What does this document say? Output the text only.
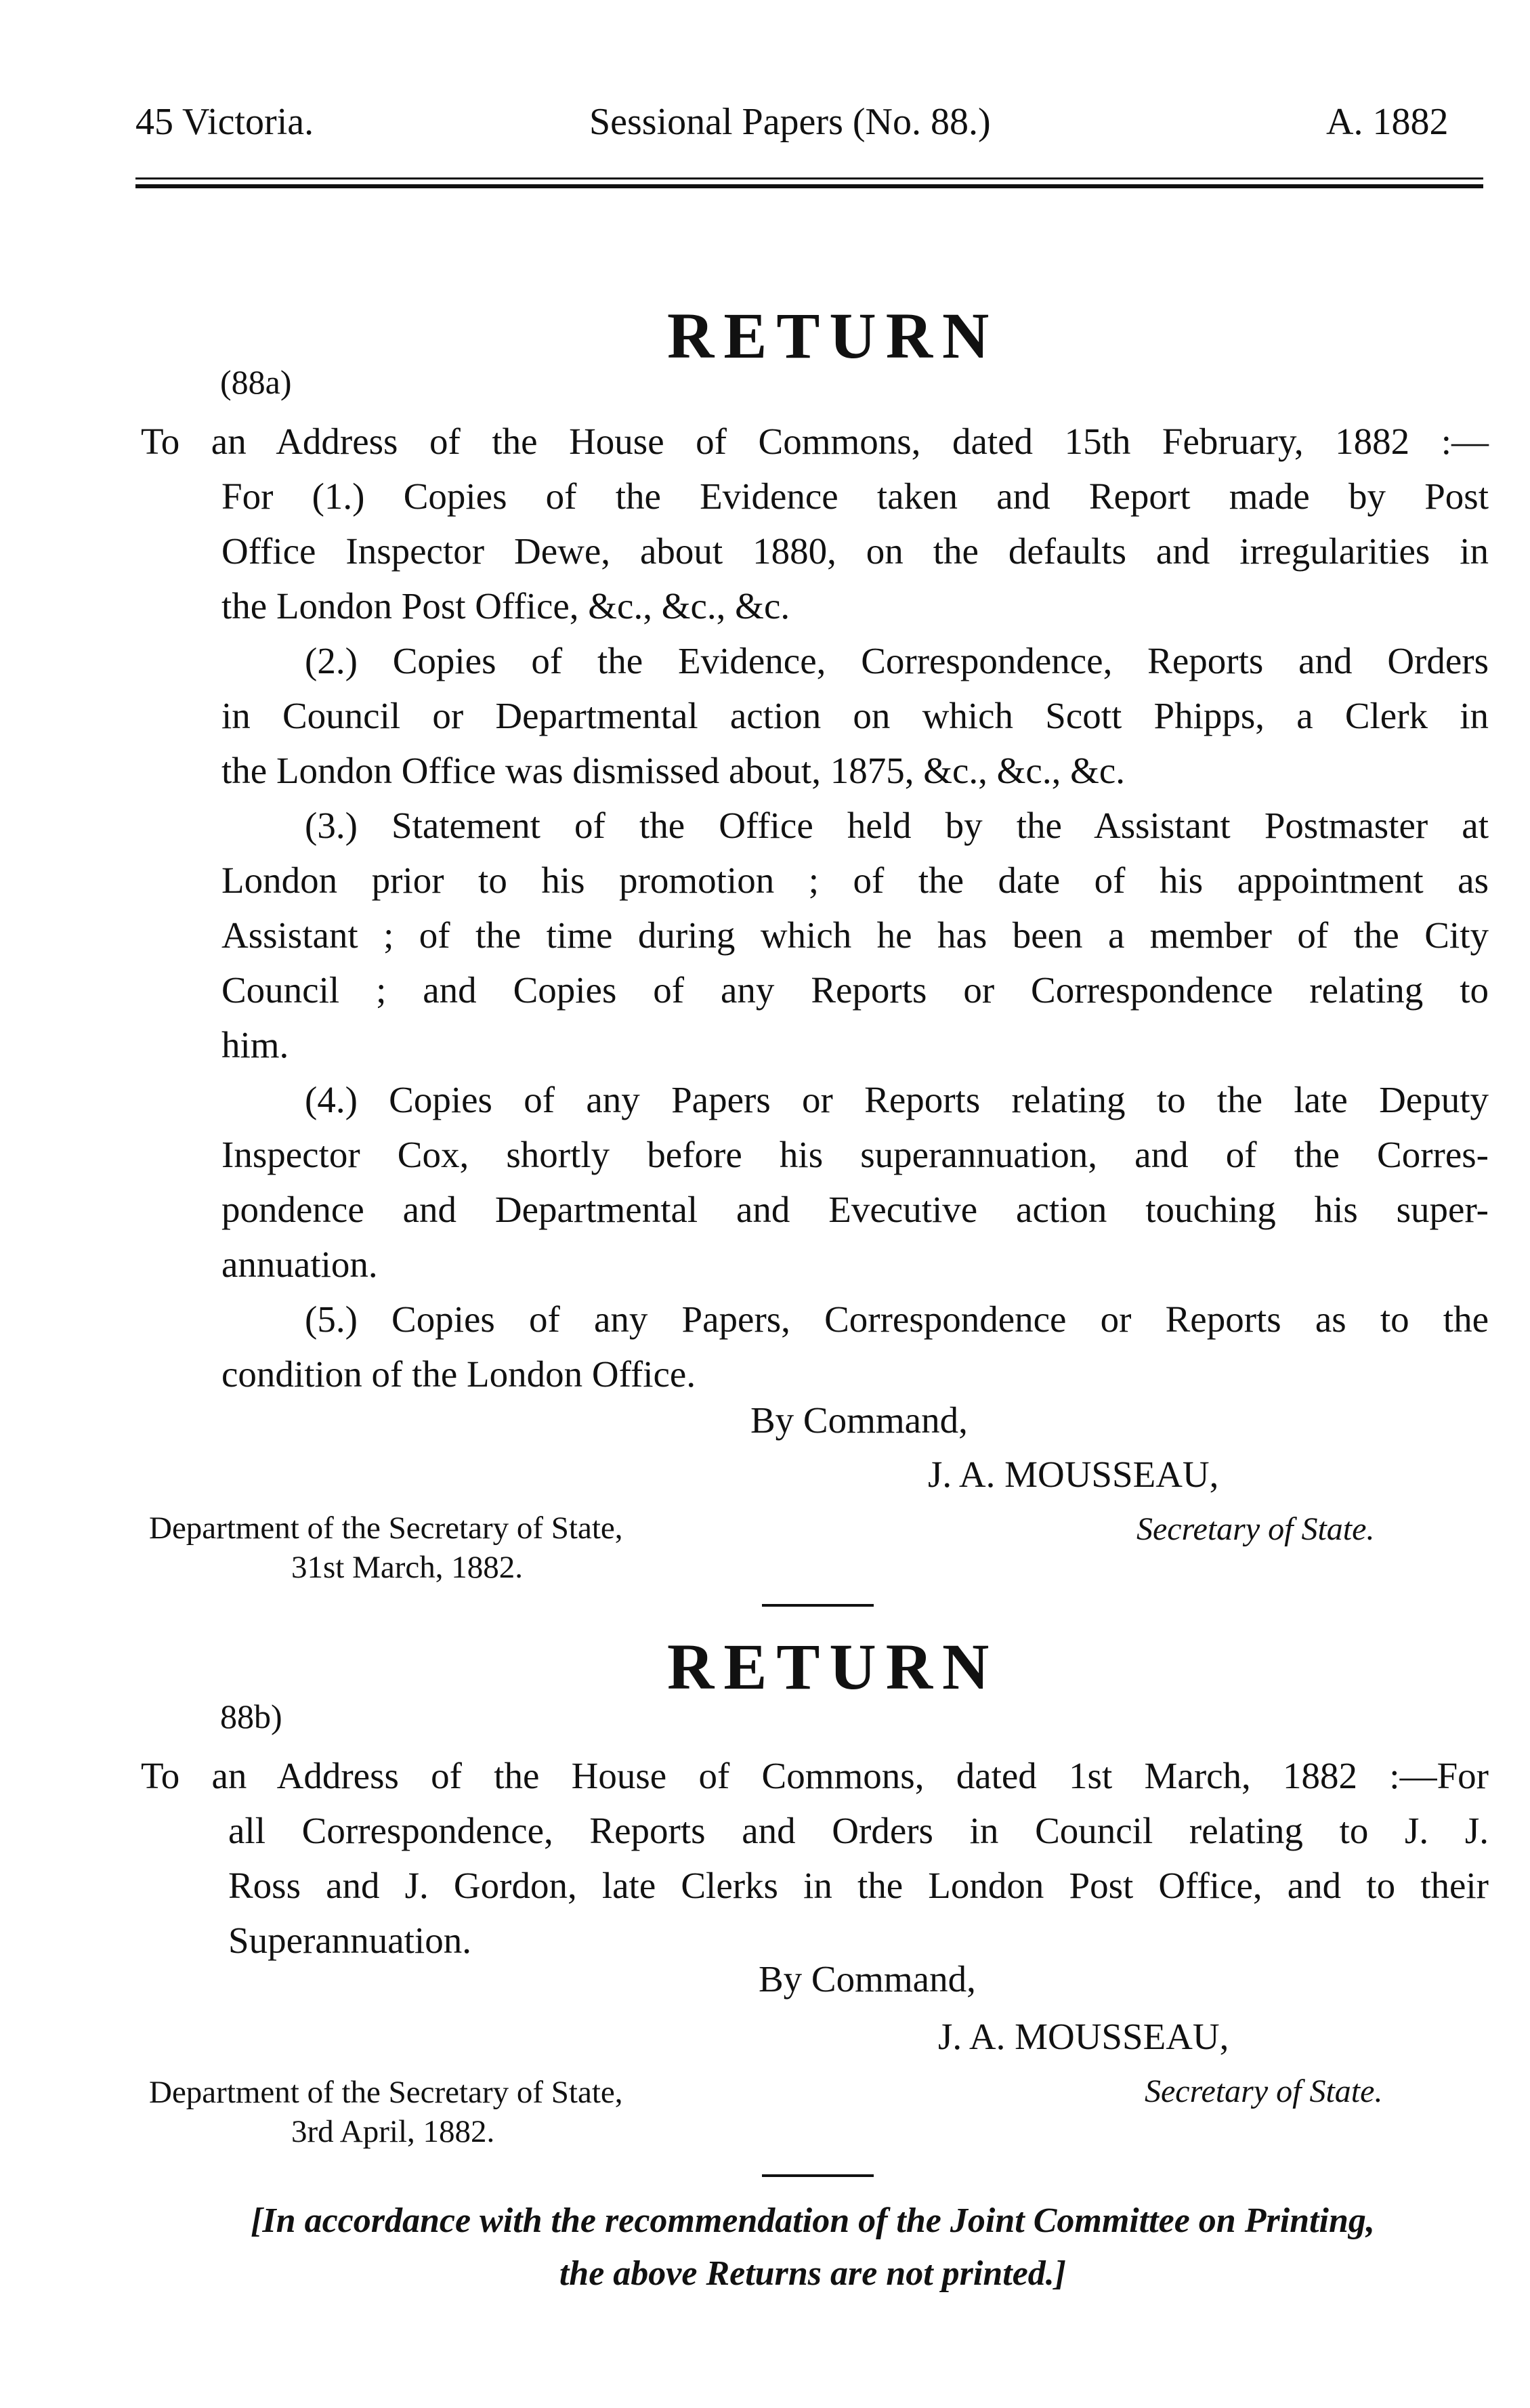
45 Victoria.	Sessional Papers (No. 88.)	A. 1882
RETURN
(88a)
To an Address of the House of Commons, dated 15th February, 1882 :—
For (1.) Copies of the Evidence taken and Report made by Post
Office Inspector Dewe, about 1880, on the defaults and irregularities in
the London Post Office, &c., &c., &c.
(2.) Copies of the Evidence, Correspondence, Reports and Orders
in Council or Departmental action on which Scott Phipps, a Clerk in
the London Office was dismissed about, 1875, &c., &c., &c.
(3.) Statement of the Office held by the Assistant Postmaster at
London prior to his promotion ; of the date of his appointment as
Assistant ; of the time during which he has been a member of the City
Council ; and Copies of any Reports or Correspondence relating to
him.
(4.) Copies of any Papers or Reports relating to the late Deputy
Inspector Cox, shortly before his superannuation, and of the Corres-
pondence and Departmental and Evecutive action touching his super-
annuation.
(5.) Copies of any Papers, Correspondence or Reports as to the
condition of the London Office.
By Command,
J. A. MOUSSEAU,
Department of the Secretary of State,
31st March, 1882.
Secretary of State.
RETURN
88b)
To an Address of the House of Commons, dated 1st March, 1882 :—For
all Correspondence, Reports and Orders in Council relating to J. J.
Ross and J. Gordon, late Clerks in the London Post Office, and to their
Superannuation.
By Command,
J. A. MOUSSEAU,
Department of the Secretary of State,
3rd April, 1882.
Secretary of State.
[In accordance with the recommendation of the Joint Committee on Printing,
the above Returns are not printed.]
